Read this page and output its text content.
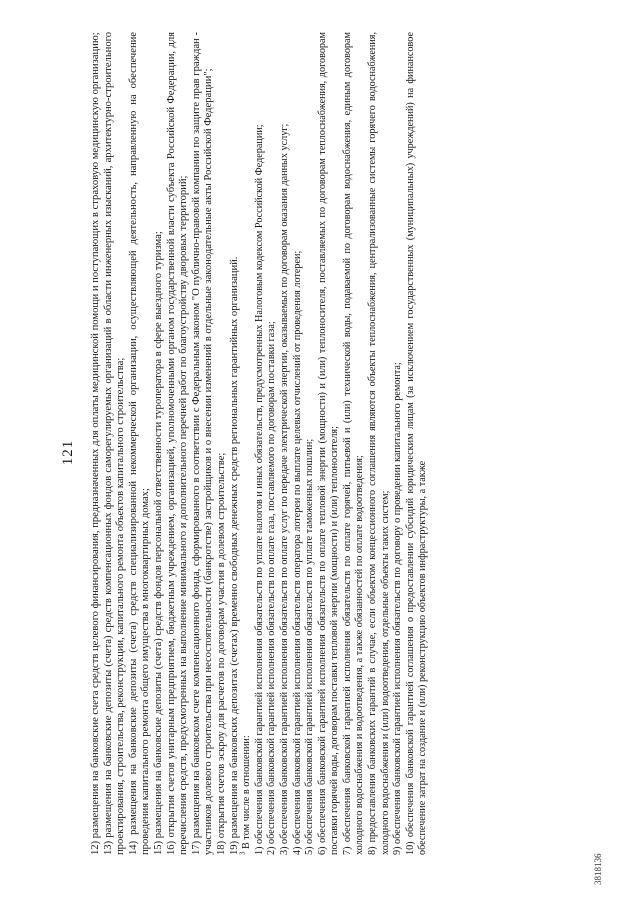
121 12) размещения на банковские счета средств целевого финансирования, предназначенных для оплаты медицинской помощи и поступающих в страховую медицинскую организацию; 13) размещения на банковские депозиты (счета) средств компенсационных фондов саморегулируемых организаций в области инженерных изысканий, архитектурно-строительного проектирования, строительства, реконструкции, капитального ремонта объектов капитального строительства; 14) размещения на банковские депозиты (счета) средств специализированной некоммерческой организации, осуществляющей деятельность, направленную на обеспечение проведения капитального ремонта общего имущества в многоквартирных домах; 15) размещения на банковские депозиты (счета) средств фондов персональной ответственности туроператора в сфере выездного туризма; 16) открытия счетов унитарным предприятием, бюджетным учреждением, организацией, уполномоченными органом государственной власти субъекта Российской Федерации, для перечисления средств, предусмотренных на выполнение минимального и дополнительного перечней работ по благоустройству дворовых территорий; 17) размещения на банковском счете компенсационного фонда, сформированного в соответствии с Федеральным законом "О публично-правовой компании по защите прав граждан - участников долевого строительства при несостоятельности (банкротстве) застройщиков и о внесении изменений в отдельные законодательные акты Российской Федерации"; 18) открытия счетов эскроу для расчетов по договорам участия в долевом строительстве; 19) размещения на банковских депозитах (счетах) временно свободных денежных средств региональных гарантийных организаций. $^3$ В том числе в отношении: 1) обеспечения банковской гарантией исполнения обязательств по уплате налогов и иных обязательств, предусмотренных Налоговым кодексом Российской Федерации; 2) обеспечения банковской гарантией исполнения обязательств по оплате газа, поставляемого по договорам поставки газа; 3) обеспечения банковской гарантией исполнения обязательств по оплате услуг по передаче электрической энергии, оказываемых по договорам оказания данных услуг; 4) обеспечения банковской гарантией исполнения обязательств оператора лотереи по выплате целевых отчислений от проведения лотереи; 5) обеспечения банковской гарантией исполнения обязательств по уплате таможенных пошлин; 6) обеспечения банковской гарантией исполнения обязательств по оплате тепловой энергии (мощности) и (или) теплоносителя, поставляемых по договорам теплоснабжения, договорам поставки горячей воды, договорам поставки тепловой энергии (мощности) и (или) теплоносителя; 7) обеспечения банковской гарантией исполнения обязательств по оплате горячей, питьевой и (или) технической воды, подаваемой по договорам водоснабжения, единым договорам холодного водоснабжения и водоотведения, а также обязанностей по оплате водоотведения; 8) предоставления банковских гарантий в случае, если объектом концессионного соглашения являются объекты теплоснабжения, централизованные системы горячего водоснабжения, холодного водоснабжения и (или) водоотведения, отдельные объекты таких систем; 9) обеспечения банковской гарантией исполнения обязательств по договору о проведении капитального ремонта; 10) обеспечения банковской гарантией соглашения о предоставлении субсидий юридическим лицам (за исключением государственных (муниципальных) учреждений) на финансовое обеспечение затрат на создание и (или) реконструкцию объектов инфраструктуры, а также

3818136
